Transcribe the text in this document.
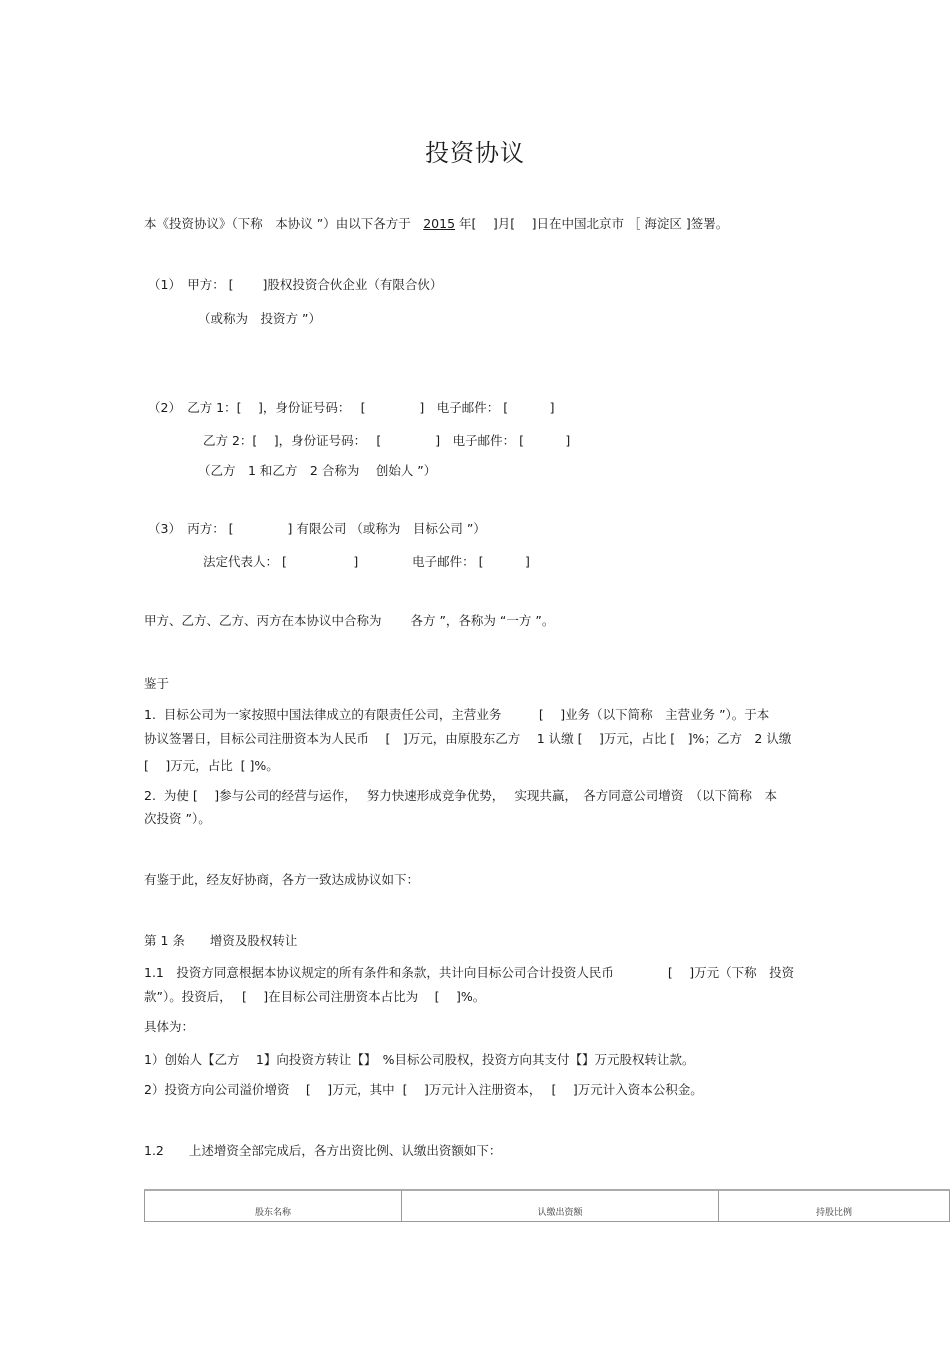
投资协议
本《投资协议》（下称　本协议 ”）由以下各方于　 2015 年[　 ]月[　 ]日在中国北京市 ［ 海淀区 ]签署。
（1）　甲方： [　　 ]股权投资合伙企业（有限合伙）
（或称为　投资方 ”）
（2）　乙方 1：[　 ]，身份证号码：　 [　　　　 ]　电子邮件： [　　　 ]
乙方 2：[　 ]，身份证号码：　 [　　　　 ]　电子邮件： [　　　 ]
（乙方　1 和乙方　2 合称为　 创始人 ”）
（3）　丙方： [　　　　 ] 有限公司 （或称为　目标公司 ”）
法定代表人： [　　　　　 ]　　　　 电子邮件： [　　　 ]
甲方、乙方、乙方、丙方在本协议中合称为　　 各方 ”，各称为 “一方 ”。
鉴于
1.  目标公司为一家按照中国法律成立的有限责任公司，主营业务　　　[　 ]业务（以下简称　主营业务 ”）。于本
协议签署日，目标公司注册资本为人民币　 [　]万元，由原股东乙方　 1 认缴 [　 ]万元，占比 [　]%；乙方　2 认缴
[　 ]万元，占比  [ ]%。
2.  为使 [　 ]参与公司的经营与运作，　 努力快速形成竞争优势，　 实现共赢，　各方同意公司增资　（以下简称　本
次投资 ”）。
有鉴于此，经友好协商，各方一致达成协议如下：
第 1 条　　增资及股权转让
1.1　投资方同意根据本协议规定的所有条件和条款，共计向目标公司合计投资人民币　　　　 [　 ]万元（下称　投资
款”）。投资后，　 [　 ]在目标公司注册资本占比为　 [　 ]%。
具体为：
1）创始人【乙方　 1】向投资方转让【】　%目标公司股权，投资方向其支付【】万元股权转让款。
2）投资方向公司溢价增资　 [　 ]万元，其中  [　 ]万元计入注册资本，　 [　 ]万元计入资本公积金。
1.2　　上述增资全部完成后，各方出资比例、认缴出资额如下：
股东名称	认缴出资额	持股比例
